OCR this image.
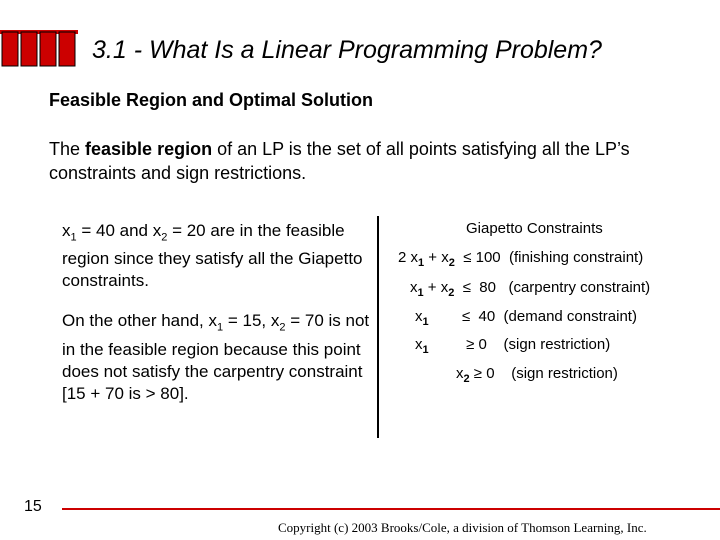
3.1 - What Is a Linear Programming Problem?
Feasible Region and Optimal Solution
The feasible region of an LP is the set of all points satisfying all the LP’s constraints and sign restrictions.

$x_1 = 40$ and $x_2 = 20$ are in the feasible region since they satisfy all the Giapetto constraints.

On the other hand, $x_1 = 15$, $x_2 = 70$ is not in the feasible region because this point does not satisfy the carpentry constraint [15 + 70 is > 80].

Giapetto Constraints
2 $x_1 + x_2 \le 100$  (finishing constraint)
$x_1 + x_2 \le 80$   (carpentry constraint)
$x_1$        ≤  40  (demand constraint)
$x_1$         ≥ 0    (sign restriction)
$x_2 \ge 0$    (sign restriction)
15
Copyright (c) 2003 Brooks/Cole, a division of Thomson Learning, Inc.
